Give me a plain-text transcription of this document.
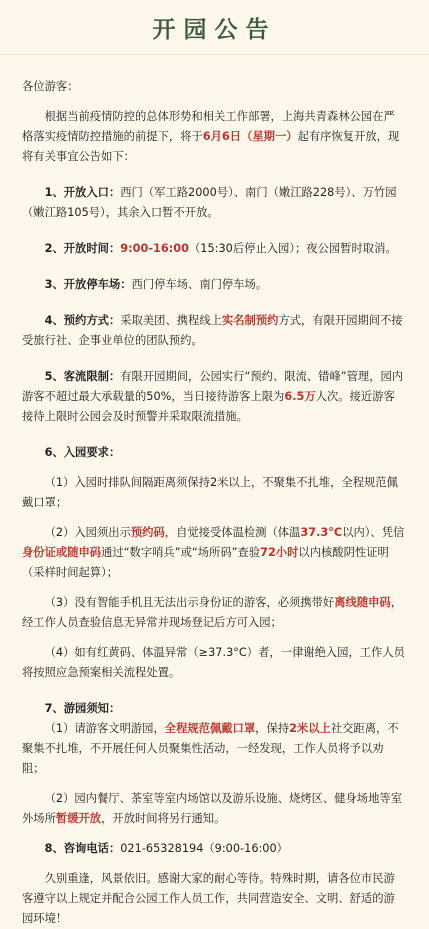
开园公告

各位游客：

根据当前疫情防控的总体形势和相关工作部署，上海共青森林公园在严格落实疫情防控措施的前提下，将于6月6日（星期一）起有序恢复开放，现将有关事宜公告如下：

1、开放入口：西门（军工路2000号）、南门（嫩江路228号）、万竹园（嫩江路105号），其余入口暂不开放。

2、开放时间：9:00-16:00（15:30后停止入园）；夜公园暂时取消。

3、开放停车场：西门停车场、南门停车场。

4、预约方式：采取美团、携程线上实名制预约方式，有限开园期间不接受旅行社、企事业单位的团队预约。

5、客流限制：有限开园期间，公园实行“预约、限流、错峰”管理，园内游客不超过最大承载量的50%，当日接待游客上限为6.5万人次。接近游客接待上限时公园会及时预警并采取限流措施。

6、入园要求：

（1）入园时排队间隔距离须保持2米以上，不聚集不扎堆，全程规范佩戴口罩；

（2）入园须出示预约码，自觉接受体温检测（体温37.3°C以内）、凭信身份证或随申码通过“数字哨兵”或“场所码”查验72小时以内核酸阴性证明（采样时间起算）；

（3）没有智能手机且无法出示身份证的游客，必须携带好离线随申码，经工作人员查验信息无异常并现场登记后方可入园；

（4）如有红黄码、体温异常（≥37.3°C）者，一律谢绝入园，工作人员将按照应急预案相关流程处置。

7、游园须知：

（1）请游客文明游园，全程规范佩戴口罩，保持2米以上社交距离，不聚集不扎堆，不开展任何人员聚集性活动，一经发现，工作人员将予以劝阻；

（2）园内餐厅、茶室等室内场馆以及游乐设施、烧烤区、健身场地等室外场所暂缓开放，开放时间将另行通知。

8、咨询电话：021-65328194（9:00-16:00）

久别重逢，风景依旧。感谢大家的耐心等待。特殊时期，请各位市民游客遵守以上规定并配合公园工作人员工作，共同营造安全、文明、舒适的游园环境！
